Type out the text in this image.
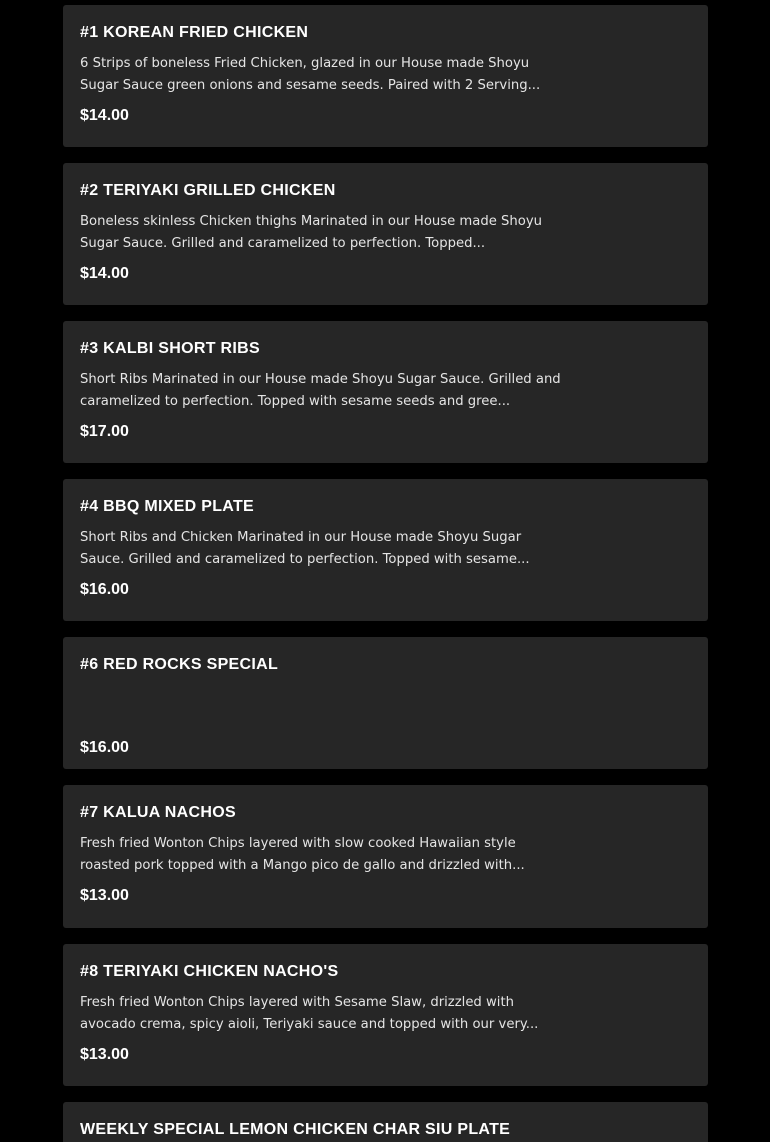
#1 KOREAN FRIED CHICKEN
6 Strips of boneless Fried Chicken, glazed in our House made Shoyu Sugar Sauce green onions and sesame seeds. Paired with 2 Serving...
$14.00
#2 TERIYAKI GRILLED CHICKEN
Boneless skinless Chicken thighs Marinated in our House made Shoyu Sugar Sauce. Grilled and caramelized to perfection. Topped...
$14.00
#3 KALBI SHORT RIBS
Short Ribs Marinated in our House made Shoyu Sugar Sauce. Grilled and caramelized to perfection. Topped with sesame seeds and gree...
$17.00
#4 BBQ MIXED PLATE
Short Ribs and Chicken Marinated in our House made Shoyu Sugar Sauce. Grilled and caramelized to perfection. Topped with sesame...
$16.00
#6 RED ROCKS SPECIAL
$16.00
#7 KALUA NACHOS
Fresh fried Wonton Chips layered with slow cooked Hawaiian style roasted pork topped with a Mango pico de gallo and drizzled with...
$13.00
#8 TERIYAKI CHICKEN NACHO'S
Fresh fried Wonton Chips layered with Sesame Slaw, drizzled with avocado crema, spicy aioli, Teriyaki sauce and topped with our very...
$13.00
WEEKLY SPECIAL LEMON CHICKEN CHAR SIU PLATE
